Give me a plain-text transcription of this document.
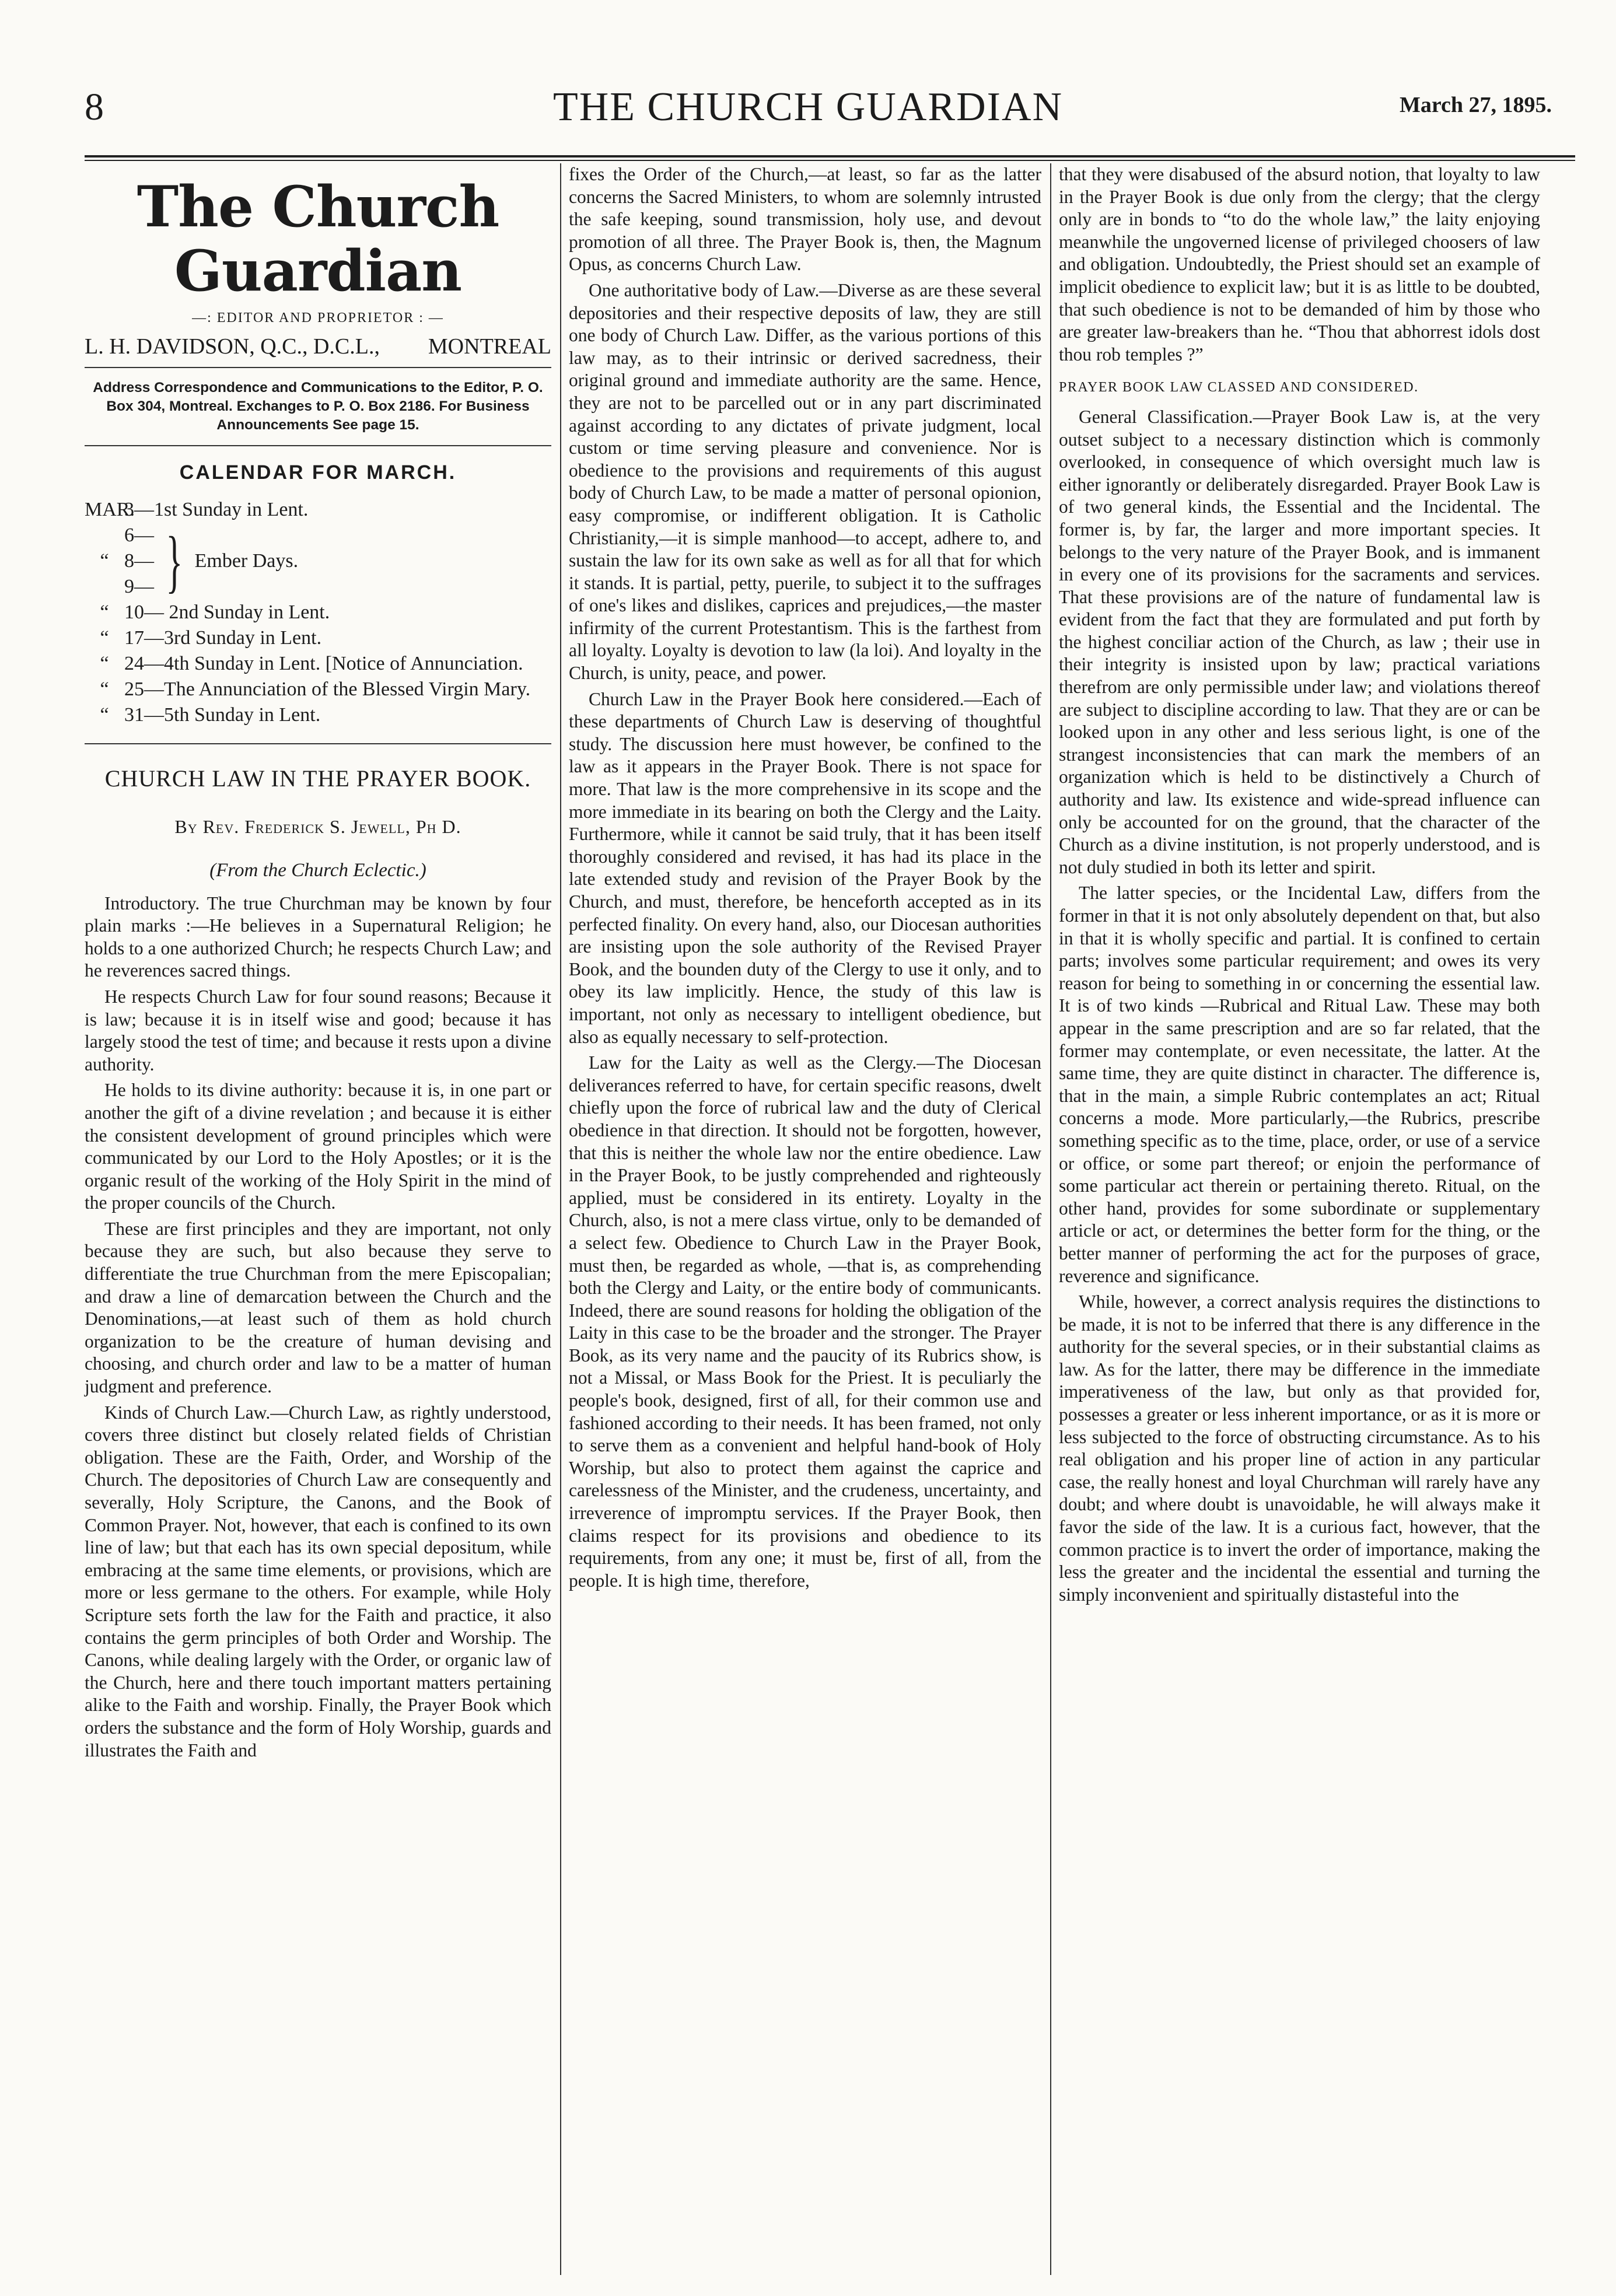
8	THE CHURCH GUARDIAN	March 27, 1895.
The Church Guardian
—: EDITOR AND PROPRIETOR : —
L. H. DAVIDSON, Q.C., D.C.L., MONTREAL
Address Correspondence and Communications to the Editor, P. O. Box 304, Montreal. Exchanges to P. O. Box 2186. For Business Announcements See page 15.
CALENDAR FOR MARCH.
MAR.
3—1st Sunday in Lent.
“
6—
8—
9— } Ember Days.
“ 10— 2nd Sunday in Lent.
“ 17—3rd Sunday in Lent.
“ 24—4th Sunday in Lent. [Notice of Annunciation.
“ 25—The Annunciation of the Blessed Virgin Mary.
“ 31—5th Sunday in Lent.
CHURCH LAW IN THE PRAYER BOOK.
By Rev. Frederick S. Jewell, Ph D.
(From the Church Eclectic.)

Introductory. The true Churchman may be known by four plain marks :—He believes in a Supernatural Religion; he holds to a one authorized Church; he respects Church Law; and he reverences sacred things.

He respects Church Law for four sound reasons; Because it is law; because it is in itself wise and good; because it has largely stood the test of time; and because it rests upon a divine authority.

He holds to its divine authority: because it is, in one part or another the gift of a divine revelation ; and because it is either the consistent development of ground principles which were communicated by our Lord to the Holy Apostles; or it is the organic result of the working of the Holy Spirit in the mind of the proper councils of the Church.

These are first principles and they are important, not only because they are such, but also because they serve to differentiate the true Churchman from the mere Episcopalian; and draw a line of demarcation between the Church and the Denominations,—at least such of them as hold church organization to be the creature of human devising and choosing, and church order and law to be a matter of human judgment and preference.

Kinds of Church Law.—Church Law, as rightly understood, covers three distinct but closely related fields of Christian obligation. These are the Faith, Order, and Worship of the Church. The depositories of Church Law are consequently and severally, Holy Scripture, the Canons, and the Book of Common Prayer. Not, however, that each is confined to its own line of law; but that each has its own special depositum, while embracing at the same time elements, or provisions, which are more or less germane to the others. For example, while Holy Scripture sets forth the law for the Faith and practice, it also contains the germ principles of both Order and Worship. The Canons, while dealing largely with the Order, or organic law of the Church, here and there touch important matters pertaining alike to the Faith and worship. Finally, the Prayer Book which orders the substance and the form of Holy Worship, guards and illustrates the Faith and

fixes the Order of the Church,—at least, so far as the latter concerns the Sacred Ministers, to whom are solemnly intrusted the safe keeping, sound transmission, holy use, and devout promotion of all three. The Prayer Book is, then, the Magnum Opus, as concerns Church Law.

One authoritative body of Law.—Diverse as are these several depositories and their respective deposits of law, they are still one body of Church Law. Differ, as the various portions of this law may, as to their intrinsic or derived sacredness, their original ground and immediate authority are the same. Hence, they are not to be parcelled out or in any part discriminated against according to any dictates of private judgment, local custom or time serving pleasure and convenience. Nor is obedience to the provisions and requirements of this august body of Church Law, to be made a matter of personal opionion, easy compromise, or indifferent obligation. It is Catholic Christianity,—it is simple manhood—to accept, adhere to, and sustain the law for its own sake as well as for all that for which it stands. It is partial, petty, puerile, to subject it to the suffrages of one's likes and dislikes, caprices and prejudices,—the master infirmity of the current Protestantism. This is the farthest from all loyalty. Loyalty is devotion to law (la loi). And loyalty in the Church, is unity, peace, and power.

Church Law in the Prayer Book here considered.—Each of these departments of Church Law is deserving of thoughtful study. The discussion here must however, be confined to the law as it appears in the Prayer Book. There is not space for more. That law is the more comprehensive in its scope and the more immediate in its bearing on both the Clergy and the Laity. Furthermore, while it cannot be said truly, that it has been itself thoroughly considered and revised, it has had its place in the late extended study and revision of the Prayer Book by the Church, and must, therefore, be henceforth accepted as in its perfected finality. On every hand, also, our Diocesan authorities are insisting upon the sole authority of the Revised Prayer Book, and the bounden duty of the Clergy to use it only, and to obey its law implicitly. Hence, the study of this law is important, not only as necessary to intelligent obedience, but also as equally necessary to self-protection.

Law for the Laity as well as the Clergy.—The Diocesan deliverances referred to have, for certain specific reasons, dwelt chiefly upon the force of rubrical law and the duty of Clerical obedience in that direction. It should not be forgotten, however, that this is neither the whole law nor the entire obedience. Law in the Prayer Book, to be justly comprehended and righteously applied, must be considered in its entirety. Loyalty in the Church, also, is not a mere class virtue, only to be demanded of a select few. Obedience to Church Law in the Prayer Book, must then, be regarded as whole, —that is, as comprehending both the Clergy and Laity, or the entire body of communicants. Indeed, there are sound reasons for holding the obligation of the Laity in this case to be the broader and the stronger. The Prayer Book, as its very name and the paucity of its Rubrics show, is not a Missal, or Mass Book for the Priest. It is peculiarly the people's book, designed, first of all, for their common use and fashioned according to their needs. It has been framed, not only to serve them as a convenient and helpful hand-book of Holy Worship, but also to protect them against the caprice and carelessness of the Minister, and the crudeness, uncertainty, and irreverence of impromptu services. If the Prayer Book, then claims respect for its provisions and obedience to its requirements, from any one; it must be, first of all, from the people. It is high time, therefore,

that they were disabused of the absurd notion, that loyalty to law in the Prayer Book is due only from the clergy; that the clergy only are in bonds to “to do the whole law,” the laity enjoying meanwhile the ungoverned license of privileged choosers of law and obligation. Undoubtedly, the Priest should set an example of implicit obedience to explicit law; but it is as little to be doubted, that such obedience is not to be demanded of him by those who are greater law-breakers than he. “Thou that abhorrest idols dost thou rob temples ?”

PRAYER BOOK LAW CLASSED AND CONSIDERED.

General Classification.—Prayer Book Law is, at the very outset subject to a necessary distinction which is commonly overlooked, in consequence of which oversight much law is either ignorantly or deliberately disregarded. Prayer Book Law is of two general kinds, the Essential and the Incidental. The former is, by far, the larger and more important species. It belongs to the very nature of the Prayer Book, and is immanent in every one of its provisions for the sacraments and services. That these provisions are of the nature of fundamental law is evident from the fact that they are formulated and put forth by the highest conciliar action of the Church, as law ; their use in their integrity is insisted upon by law; practical variations therefrom are only permissible under law; and violations thereof are subject to discipline according to law. That they are or can be looked upon in any other and less serious light, is one of the strangest inconsistencies that can mark the members of an organization which is held to be distinctively a Church of authority and law. Its existence and wide-spread influence can only be accounted for on the ground, that the character of the Church as a divine institution, is not properly understood, and is not duly studied in both its letter and spirit.

The latter species, or the Incidental Law, differs from the former in that it is not only absolutely dependent on that, but also in that it is wholly specific and partial. It is confined to certain parts; involves some particular requirement; and owes its very reason for being to something in or concerning the essential law. It is of two kinds —Rubrical and Ritual Law. These may both appear in the same prescription and are so far related, that the former may contemplate, or even necessitate, the latter. At the same time, they are quite distinct in character. The difference is, that in the main, a simple Rubric contemplates an act; Ritual concerns a mode. More particularly,—the Rubrics, prescribe something specific as to the time, place, order, or use of a service or office, or some part thereof; or enjoin the performance of some particular act therein or pertaining thereto. Ritual, on the other hand, provides for some subordinate or supplementary article or act, or determines the better form for the thing, or the better manner of performing the act for the purposes of grace, reverence and significance.

While, however, a correct analysis requires the distinctions to be made, it is not to be inferred that there is any difference in the authority for the several species, or in their substantial claims as law. As for the latter, there may be difference in the immediate imperativeness of the law, but only as that provided for, possesses a greater or less inherent importance, or as it is more or less subjected to the force of obstructing circumstance. As to his real obligation and his proper line of action in any particular case, the really honest and loyal Churchman will rarely have any doubt; and where doubt is unavoidable, he will always make it favor the side of the law. It is a curious fact, however, that the common practice is to invert the order of importance, making the less the greater and the incidental the essential and turning the simply inconvenient and spiritually distasteful into the
